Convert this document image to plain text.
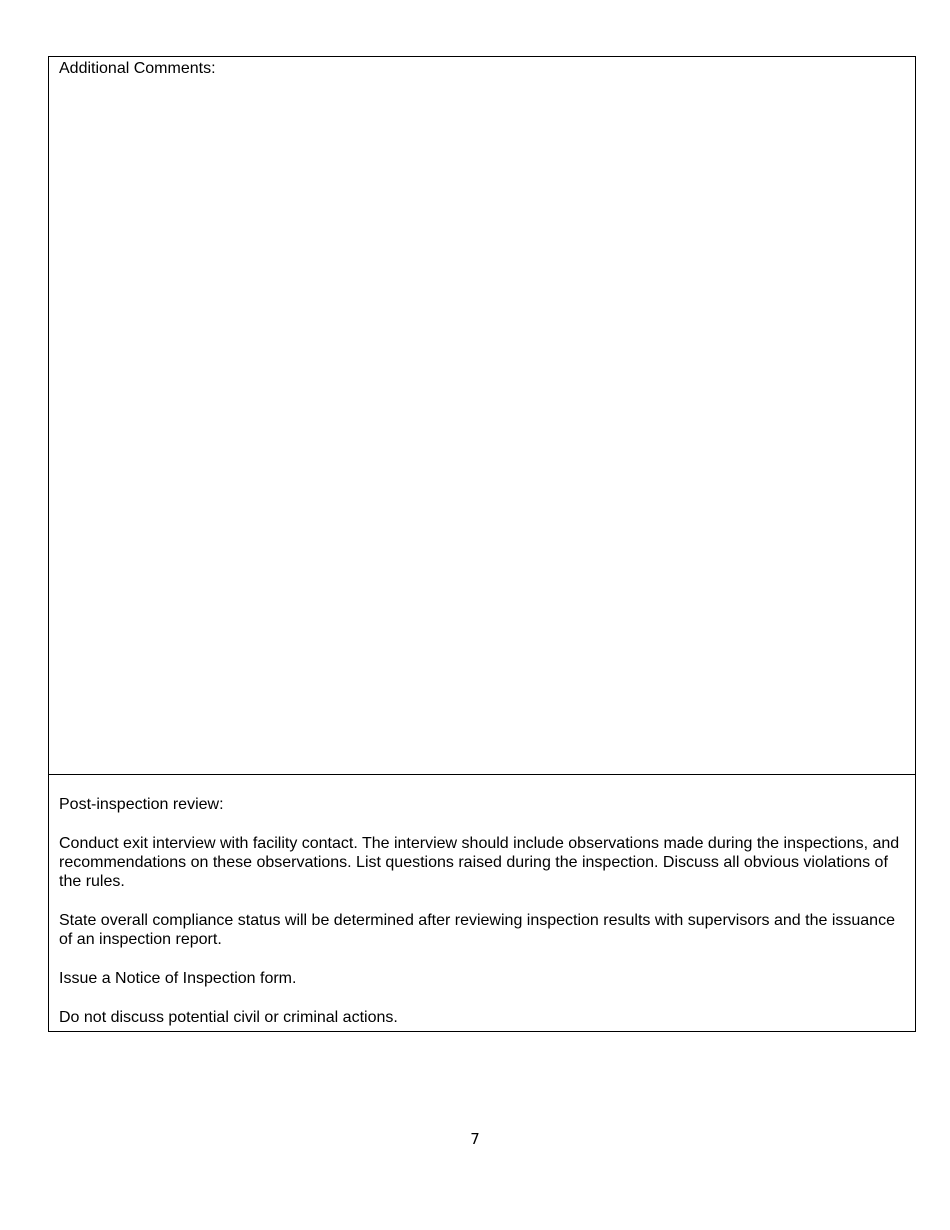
Additional Comments:

Post-inspection review:

Conduct exit interview with facility contact. The interview should include observations made during the inspections, and recommendations on these observations. List questions raised during the inspection. Discuss all obvious violations of the rules.

State overall compliance status will be determined after reviewing inspection results with supervisors and the issuance of an inspection report.

Issue a Notice of Inspection form.

Do not discuss potential civil or criminal actions.

7
